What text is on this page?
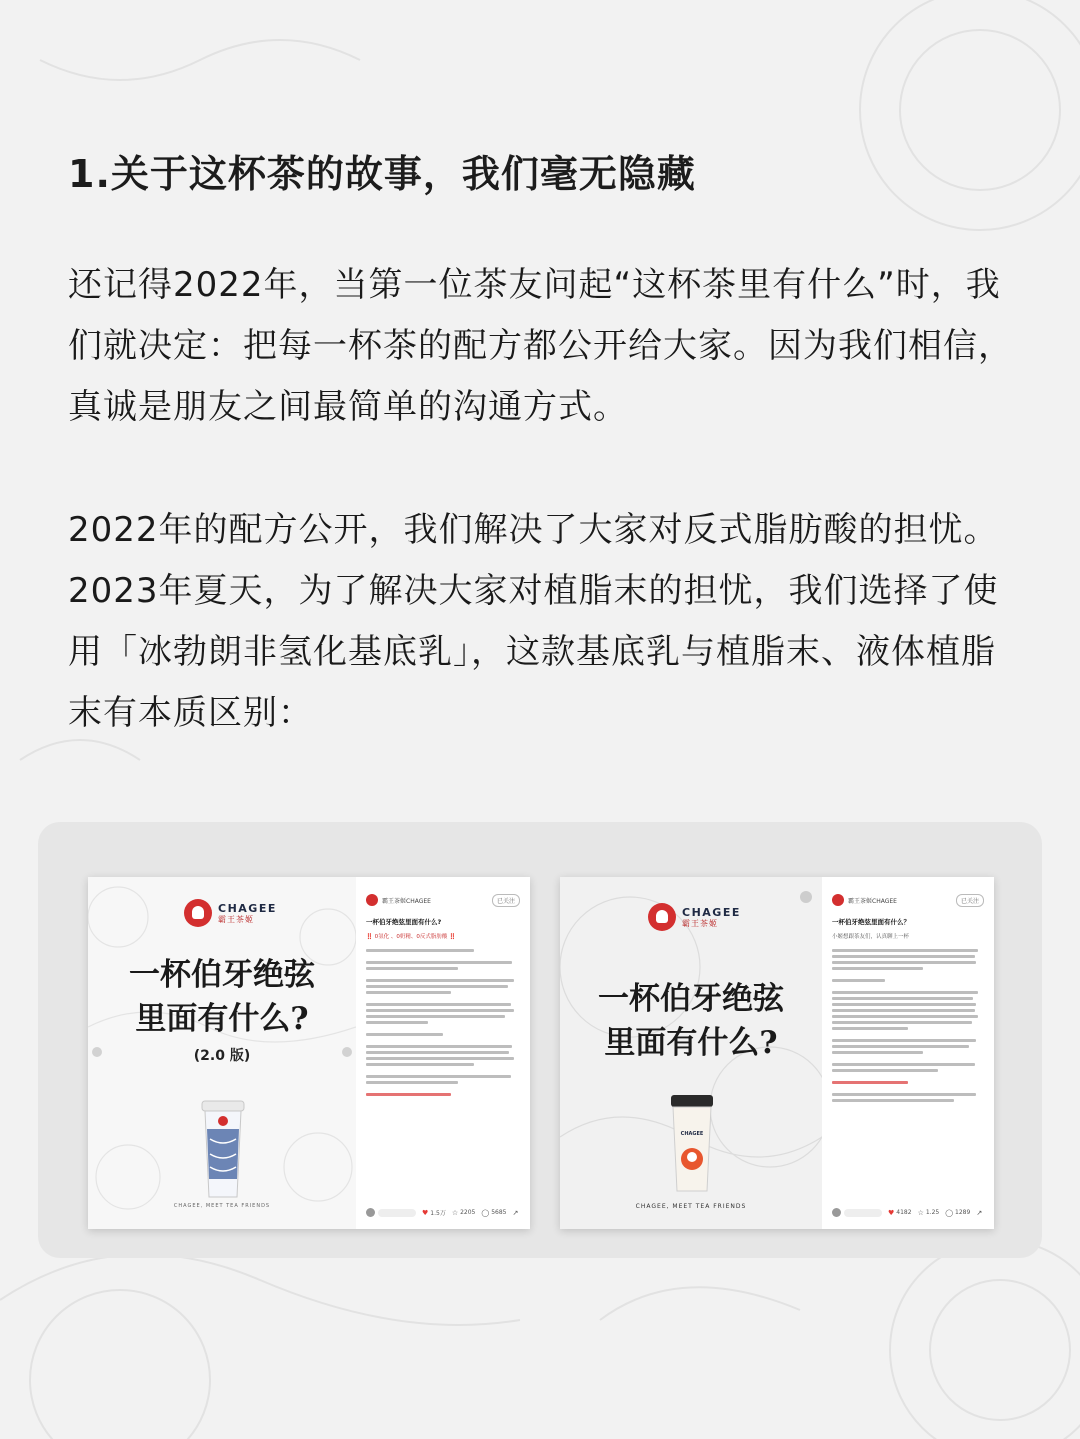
1.关于这杯茶的故事，我们毫无隐藏
还记得2022年，当第一位茶友问起“这杯茶里有什么”时，我们就决定：把每一杯茶的配方都公开给大家。因为我们相信，真诚是朋友之间最简单的沟通方式。
2022年的配方公开，我们解决了大家对反式脂肪酸的担忧。2023年夏天，为了解决大家对植脂末的担忧，我们选择了使用「冰勃朗非氢化基底乳」，这款基底乳与植脂末、液体植脂末有本质区别：
CHAGEE
霸王茶姬
一杯伯牙绝弦
里面有什么?
(2.0 版)
CHAGEE, MEET TEA FRIENDS
霸王茶姬CHAGEE	已关注
一杯伯牙绝弦里面有什么?
‼️ 0氢化 、0奶精、0反式脂肪酸 ‼️
♥ 1.5万 ☆ 2205 ◯ 5685 ↗
CHAGEE
霸王茶姬
一杯伯牙绝弦
里面有什么?
CHAGEE
CHAGEE, MEET TEA FRIENDS
霸王茶姬CHAGEE	已关注
一杯伯牙绝弦里面有什么？
小姬想跟茶友们，认真聊上一杯
♥ 4182 ☆ 1.25 ◯ 1289 ↗
